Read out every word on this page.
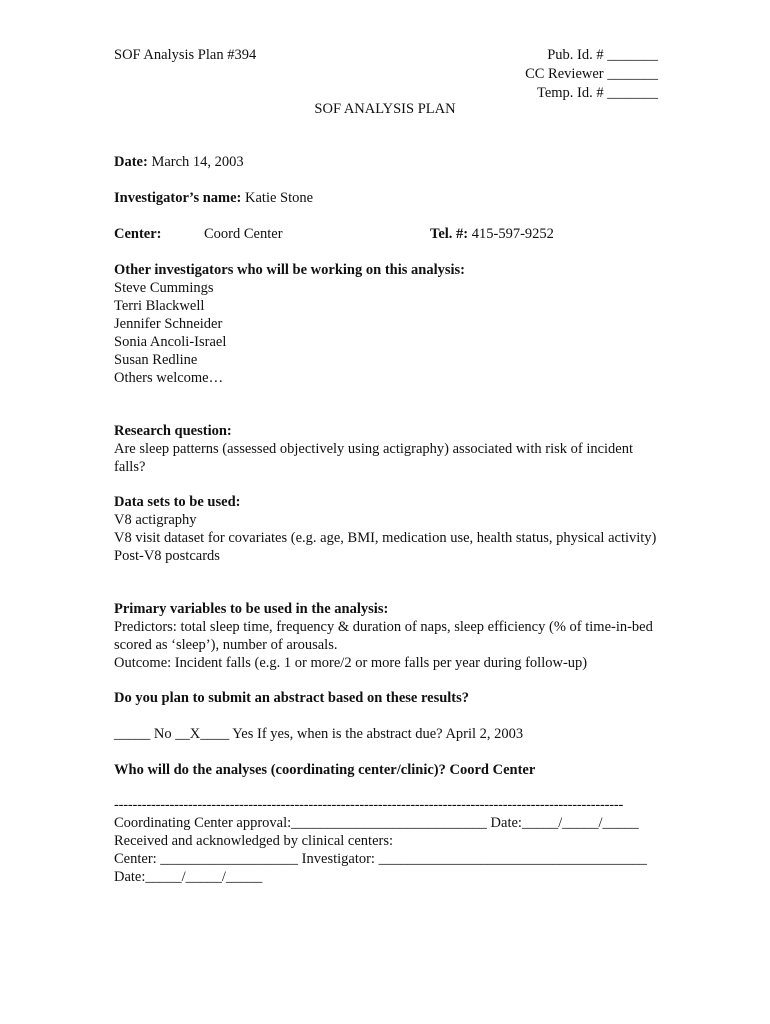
SOF Analysis Plan #394	Pub. Id. # _______
CC Reviewer _______
Temp. Id. # _______
SOF ANALYSIS PLAN
Date: March 14, 2003
Investigator’s name: Katie Stone
Center:	Coord Center	Tel. #: 415-597-9252
Other investigators who will be working on this analysis:
Steve Cummings
Terri Blackwell
Jennifer Schneider
Sonia Ancoli-Israel
Susan Redline
Others welcome…
Research question:
Are sleep patterns (assessed objectively using actigraphy) associated with risk of incident falls?
Data sets to be used:
V8 actigraphy
V8 visit dataset for covariates (e.g. age, BMI, medication use, health status, physical activity)
Post-V8 postcards
Primary variables to be used in the analysis:
Predictors: total sleep time, frequency & duration of naps, sleep efficiency (% of time-in-bed scored as ‘sleep’), number of arousals.
Outcome: Incident falls (e.g. 1 or more/2 or more falls per year during follow-up)
Do you plan to submit an abstract based on these results?
_____ No __X____ Yes If yes, when is the abstract due? April 2, 2003
Who will do the analyses (coordinating center/clinic)? Coord Center
--------------------------------------------------------------------------------------------------------------
Coordinating Center approval:___________________________ Date:_____/_____/_____
Received and acknowledged by clinical centers:
Center: ___________________ Investigator: _____________________________________
Date:_____/_____/_____
